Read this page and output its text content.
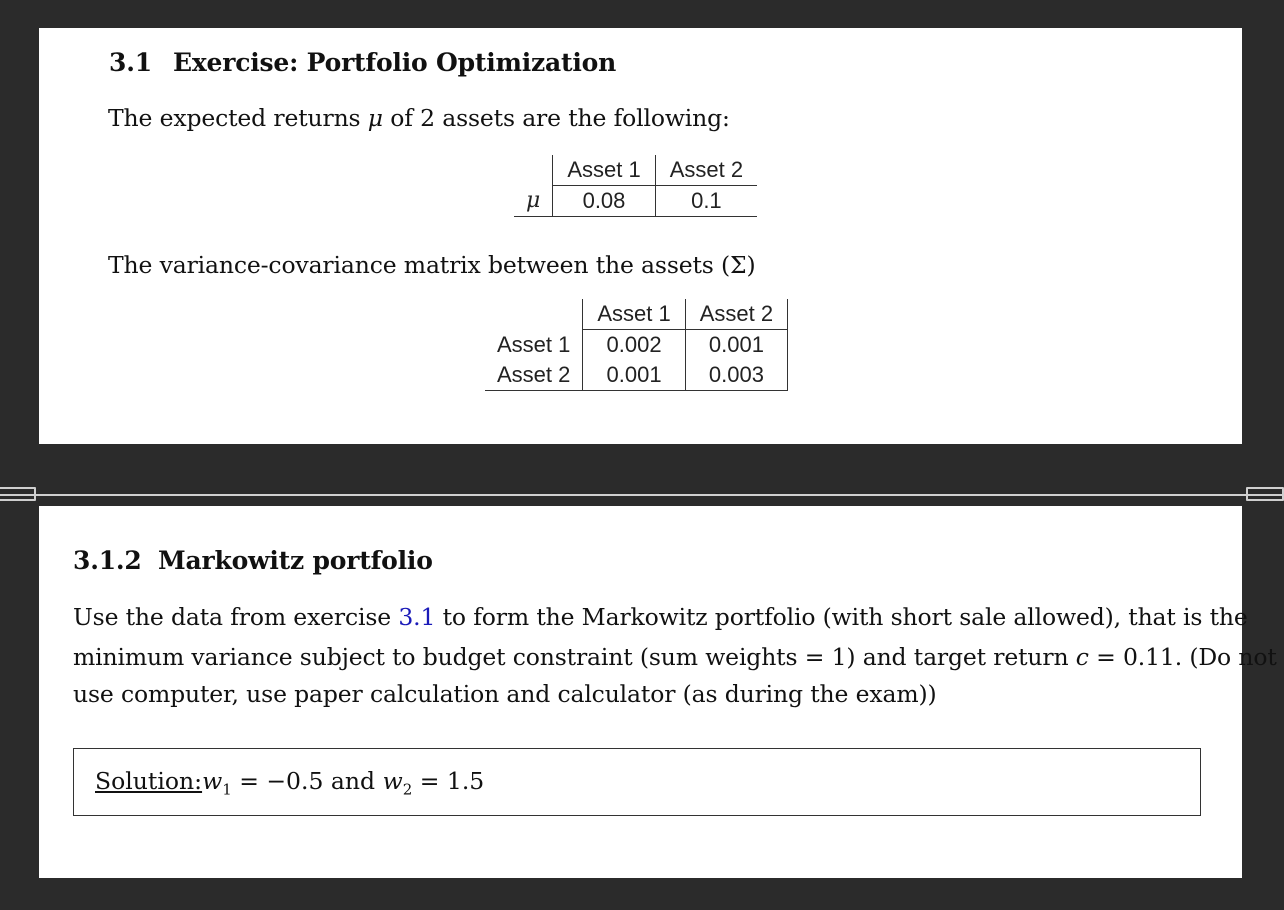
3.1 Exercise: Portfolio Optimization
The expected returns μ of 2 assets are the following:
	Asset 1	Asset 2
μ	0.08	0.1
The variance-covariance matrix between the assets (Σ)
	Asset 1	Asset 2
Asset 1	0.002	0.001
Asset 2	0.001	0.003
3.1.2 Markowitz portfolio
Use the data from exercise 3.1 to form the Markowitz portfolio (with short sale allowed), that is the
minimum variance subject to budget constraint (sum weights = 1) and target return c = 0.11. (Do not
use computer, use paper calculation and calculator (as during the exam))
$Solution:w_1 = -0.5$ and $w_2 = 1.5$
